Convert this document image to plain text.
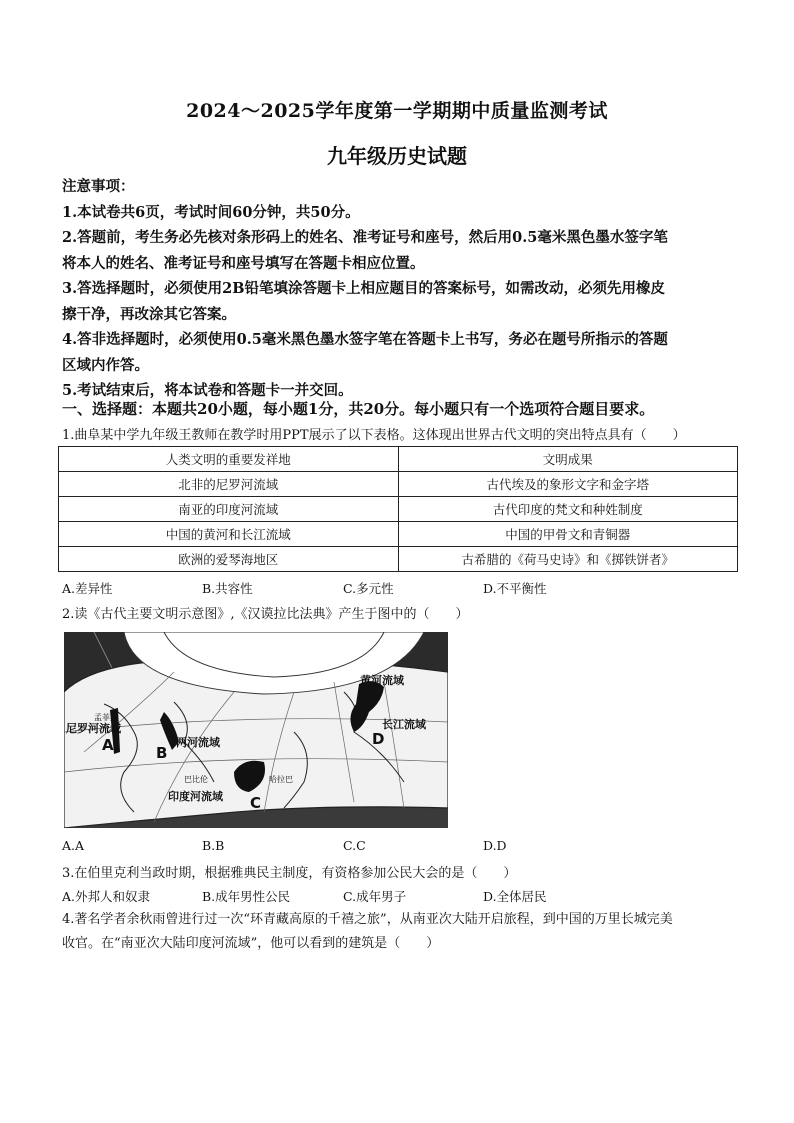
2024～2025学年度第一学期期中质量监测考试
九年级历史试题
注意事项：
1.本试卷共6页，考试时间60分钟，共50分。
2.答题前，考生务必先核对条形码上的姓名、准考证号和座号，然后用0.5毫米黑色墨水签字笔
将本人的姓名、准考证号和座号填写在答题卡相应位置。
3.答选择题时，必须使用2B铅笔填涂答题卡上相应题目的答案标号，如需改动，必须先用橡皮
擦干净，再改涂其它答案。
4.答非选择题时，必须使用0.5毫米黑色墨水签字笔在答题卡上书写，务必在题号所指示的答题
区域内作答。
5.考试结束后，将本试卷和答题卡一并交回。
一、选择题：本题共20小题，每小题1分，共20分。每小题只有一个选项符合题目要求。
1.曲阜某中学九年级王教师在教学时用PPT展示了以下表格。这体现出世界古代文明的突出特点具有（　　）
人类文明的重要发祥地	文明成果
北非的尼罗河流域	古代埃及的象形文字和金字塔
南亚的印度河流域	古代印度的梵文和种姓制度
中国的黄河和长江流域	中国的甲骨文和青铜器
欧洲的爱琴海地区	古希腊的《荷马史诗》和《掷铁饼者》
A.差异性	B.共容性	C.多元性	D.不平衡性
2.读《古代主要文明示意图》,《汉谟拉比法典》产生于图中的（　　）
尼罗河流域
两河流域
印度河流域
黄河流域
长江流域
A	B
C
D
孟菲斯
巴比伦	哈拉巴
A.A	B.B	C.C	D.D
3.在伯里克利当政时期，根据雅典民主制度，有资格参加公民大会的是（　　）
A.外邦人和奴隶	B.成年男性公民	C.成年男子	D.全体居民
4.著名学者余秋雨曾进行过一次“环青藏高原的千禧之旅”，从南亚次大陆开启旅程，到中国的万里长城完美
收官。在“南亚次大陆印度河流域”，他可以看到的建筑是（　　）
